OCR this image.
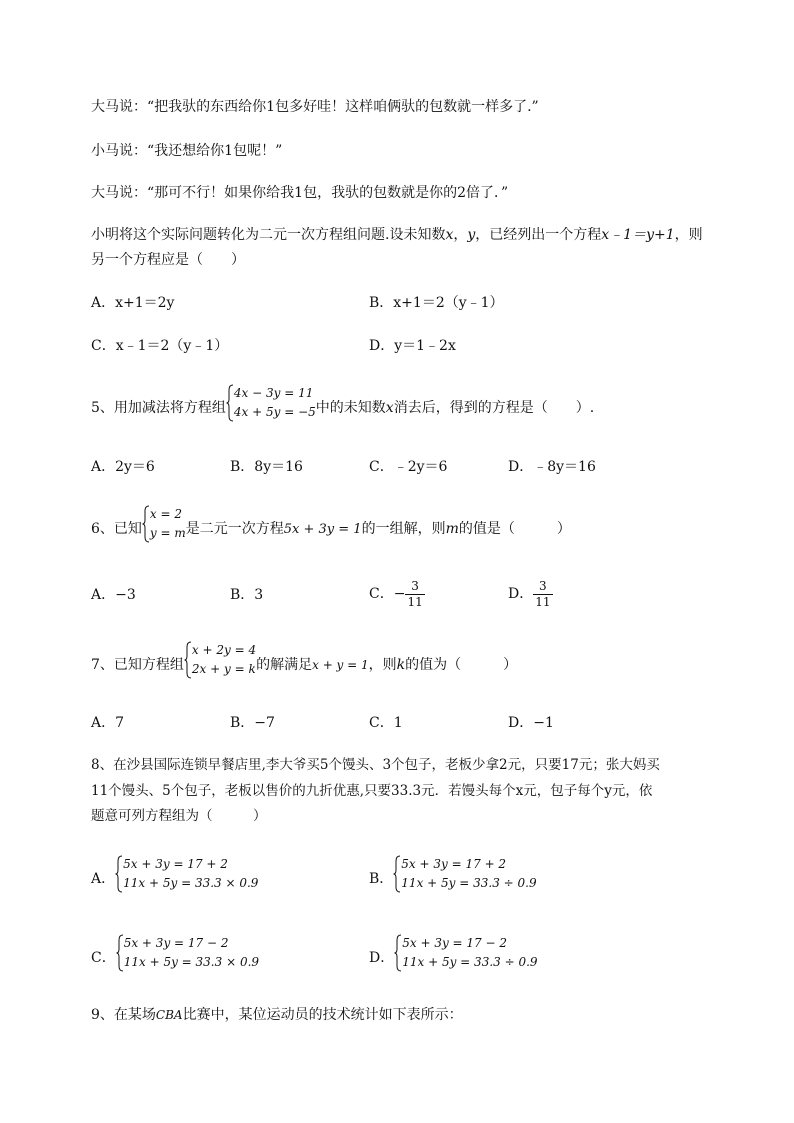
大马说：“把我驮的东西给你1包多好哇！这样咱俩驮的包数就一样多了.”
小马说：“我还想给你1包呢！”
大马说：“那可不行！如果你给我1包，我驮的包数就是你的2倍了．”
小明将这个实际问题转化为二元一次方程组问题.设未知数x，y，已经列出一个方程x﹣1＝y+1，则
另一个方程应是（　　）
A．x+1＝2y	B．x+1＝2（y﹣1）
C．x﹣1＝2（y﹣1）	D．y＝1﹣2x
5、用加减法将方程组
4x − 3y = 11
4x + 5y = −5 中的未知数x消去后，得到的方程是（　　）.
A．2y＝6	B．8y＝16	C．﹣2y＝6	D．﹣8y＝16
6、已知
x = 2
y = m 是二元一次方程5x + 3y = 1的一组解，则m的值是（　　　）
A．−3	B．3	C．− $\frac{3}{11}$	D． $\frac{3}{11}$
7、已知方程组
x + 2y = 4
2x + y = k 的解满足x + y = 1，则k的值为（　　　）
A．7	B．−7	C．1	D．−1
8、在沙县国际连锁早餐店里,李大爷买5个馒头、3个包子，老板少拿2元，只要17元；张大妈买
11个馒头、5个包子，老板以售价的九折优惠,只要33.3元．若馒头每个x元，包子每个y元，依
题意可列方程组为（　　　）
A．
5x + 3y = 17 + 2
11x + 5y = 33.3 × 0.9	B．
5x + 3y = 17 + 2
11x + 5y = 33.3 ÷ 0.9
C．
5x + 3y = 17 − 2
11x + 5y = 33.3 × 0.9	D．
5x + 3y = 17 − 2
11x + 5y = 33.3 ÷ 0.9
9、在某场CBA比赛中，某位运动员的技术统计如下表所示：
